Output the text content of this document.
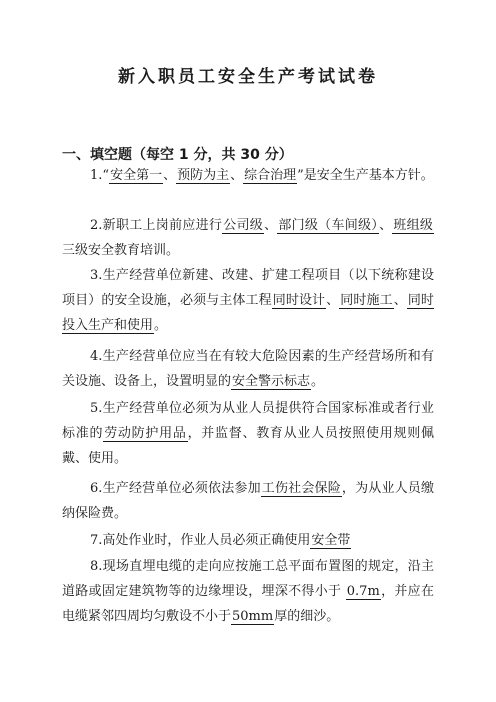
新入职员工安全生产考试试卷
一、填空题（每空 1 分，共 30 分）
1.“安全第一、预防为主、综合治理”是安全生产基本方针。
2.新职工上岗前应进行公司级、部门级（车间级）、班组级三级安全教育培训。
3.生产经营单位新建、改建、扩建工程项目（以下统称建设项目）的安全设施，必须与主体工程同时设计、同时施工、同时投入生产和使用。
4.生产经营单位应当在有较大危险因素的生产经营场所和有关设施、设备上，设置明显的安全警示标志。
5.生产经营单位必须为从业人员提供符合国家标准或者行业标准的劳动防护用品，并监督、教育从业人员按照使用规则佩戴、使用。
6.生产经营单位必须依法参加工伤社会保险，为从业人员缴纳保险费。
7.高处作业时，作业人员必须正确使用安全带
8.现场直埋电缆的走向应按施工总平面布置图的规定，沿主道路或固定建筑物等的边缘埋设，埋深不得小于 0.7m，并应在电缆紧邻四周均匀敷设不小于50mm厚的细沙。
